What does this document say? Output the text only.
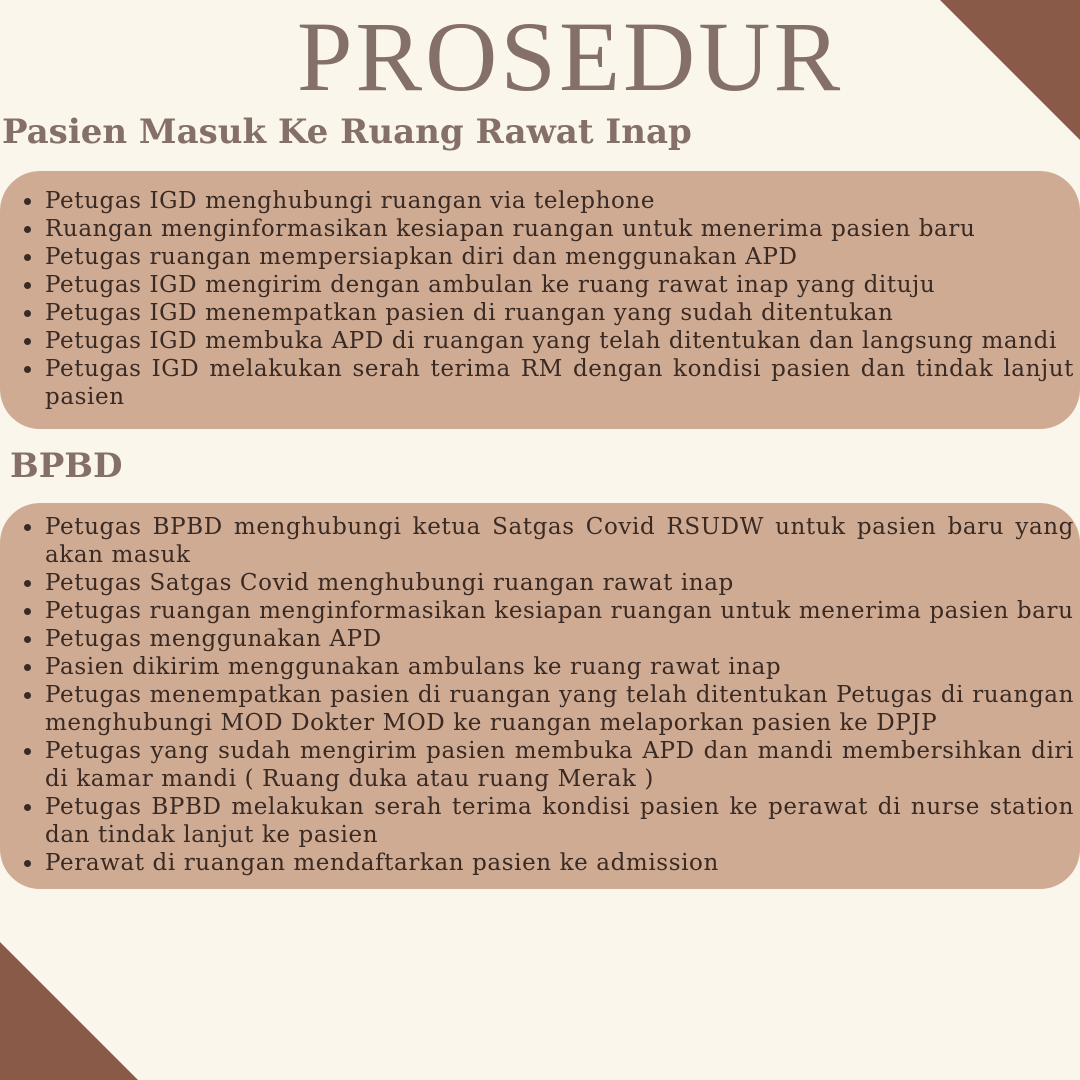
PROSEDUR
Pasien Masuk Ke Ruang Rawat Inap
Petugas IGD menghubungi ruangan via telephone
Ruangan menginformasikan kesiapan ruangan untuk menerima pasien baru
Petugas ruangan mempersiapkan diri dan menggunakan APD
Petugas IGD mengirim dengan ambulan ke ruang rawat inap yang dituju
Petugas IGD menempatkan pasien di ruangan yang sudah ditentukan
Petugas IGD membuka APD di ruangan yang telah ditentukan dan langsung mandi
Petugas IGD melakukan serah terima RM dengan kondisi pasien dan tindak lanjut pasien
BPBD
Petugas BPBD menghubungi ketua Satgas Covid RSUDW untuk pasien baru yang akan masuk
Petugas Satgas Covid menghubungi ruangan rawat inap
Petugas ruangan menginformasikan kesiapan ruangan untuk menerima pasien baru
Petugas menggunakan APD
Pasien dikirim menggunakan ambulans ke ruang rawat inap
Petugas menempatkan pasien di ruangan yang telah ditentukan Petugas di ruangan menghubungi MOD Dokter MOD ke ruangan melaporkan pasien ke DPJP
Petugas yang sudah mengirim pasien membuka APD dan mandi membersihkan diri di kamar mandi ( Ruang duka atau ruang Merak )
Petugas BPBD melakukan serah terima kondisi pasien ke perawat di nurse station dan tindak lanjut ke pasien
Perawat di ruangan mendaftarkan pasien ke admission
